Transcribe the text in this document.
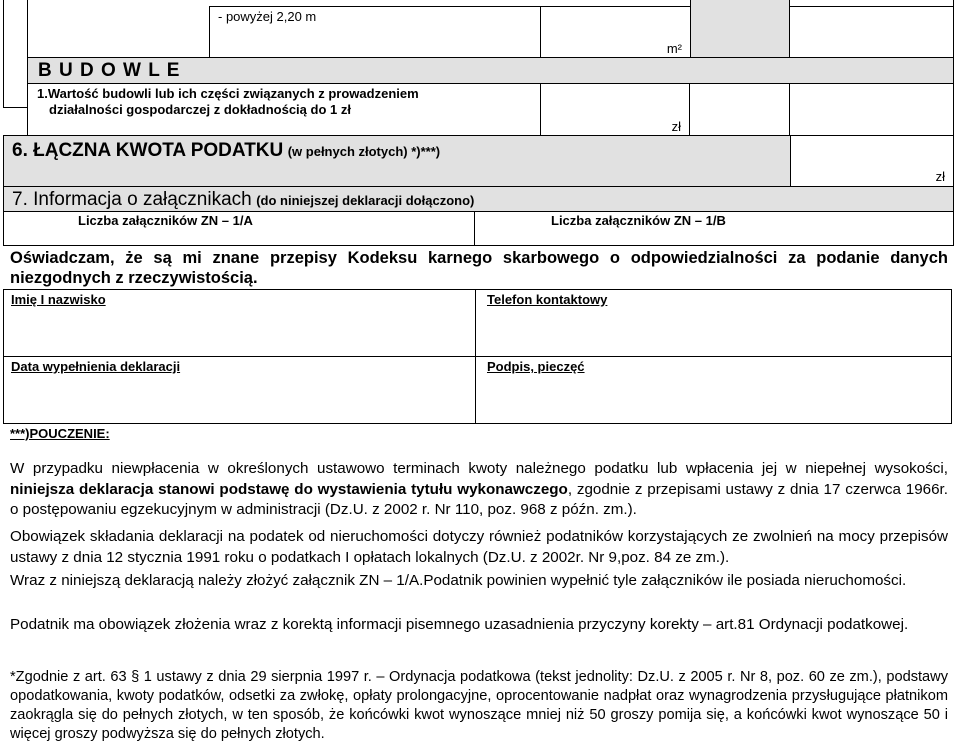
- powyżej 2,20 m
m²
B U D O W L E
1.Wartość budowli lub ich części związanych z prowadzeniem
działalności gospodarczej z dokładnością do 1 zł
zł
6. ŁĄCZNA KWOTA PODATKU (w pełnych złotych) *)***)
zł
7. Informacja o załącznikach (do niniejszej deklaracji dołączono)
Liczba załączników ZN – 1/A	Liczba załączników ZN – 1/B

Oświadczam, że są mi znane przepisy Kodeksu karnego skarbowego o odpowiedzialności za podanie danych niezgodnych z rzeczywistością.

Imię I nazwisko	Telefon kontaktowy
Data wypełnienia deklaracji	Podpis, pieczęć
***)POUCZENIE:

W przypadku niewpłacenia w określonych ustawowo terminach kwoty należnego podatku lub wpłacenia jej w niepełnej wysokości, niniejsza deklaracja stanowi podstawę do wystawienia tytułu wykonawczego, zgodnie z przepisami ustawy z dnia 17 czerwca 1966r. o postępowaniu egzekucyjnym w administracji (Dz.U. z 2002 r. Nr 110, poz. 968 z późn. zm.).

Obowiązek składania deklaracji na podatek od nieruchomości dotyczy również podatników korzystających ze zwolnień na mocy przepisów ustawy z dnia 12 stycznia 1991 roku o podatkach I opłatach lokalnych (Dz.U. z 2002r. Nr 9,poz. 84 ze zm.).

Wraz z niniejszą deklaracją należy złożyć załącznik ZN – 1/A.Podatnik powinien wypełnić tyle załączników ile posiada nieruchomości.

Podatnik ma obowiązek złożenia wraz z korektą informacji pisemnego uzasadnienia przyczyny korekty – art.81 Ordynacji podatkowej.

*Zgodnie z art. 63 § 1 ustawy z dnia 29 sierpnia 1997 r. – Ordynacja podatkowa (tekst jednolity: Dz.U. z 2005 r. Nr 8, poz. 60 ze zm.), podstawy opodatkowania, kwoty podatków, odsetki za zwłokę, opłaty prolongacyjne, oprocentowanie nadpłat oraz wynagrodzenia przysługujące płatnikom zaokrągla się do pełnych złotych, w ten sposób, że końcówki kwot wynoszące mniej niż 50 groszy pomija się, a końcówki kwot wynoszące 50 i więcej groszy podwyższa się do pełnych złotych.
